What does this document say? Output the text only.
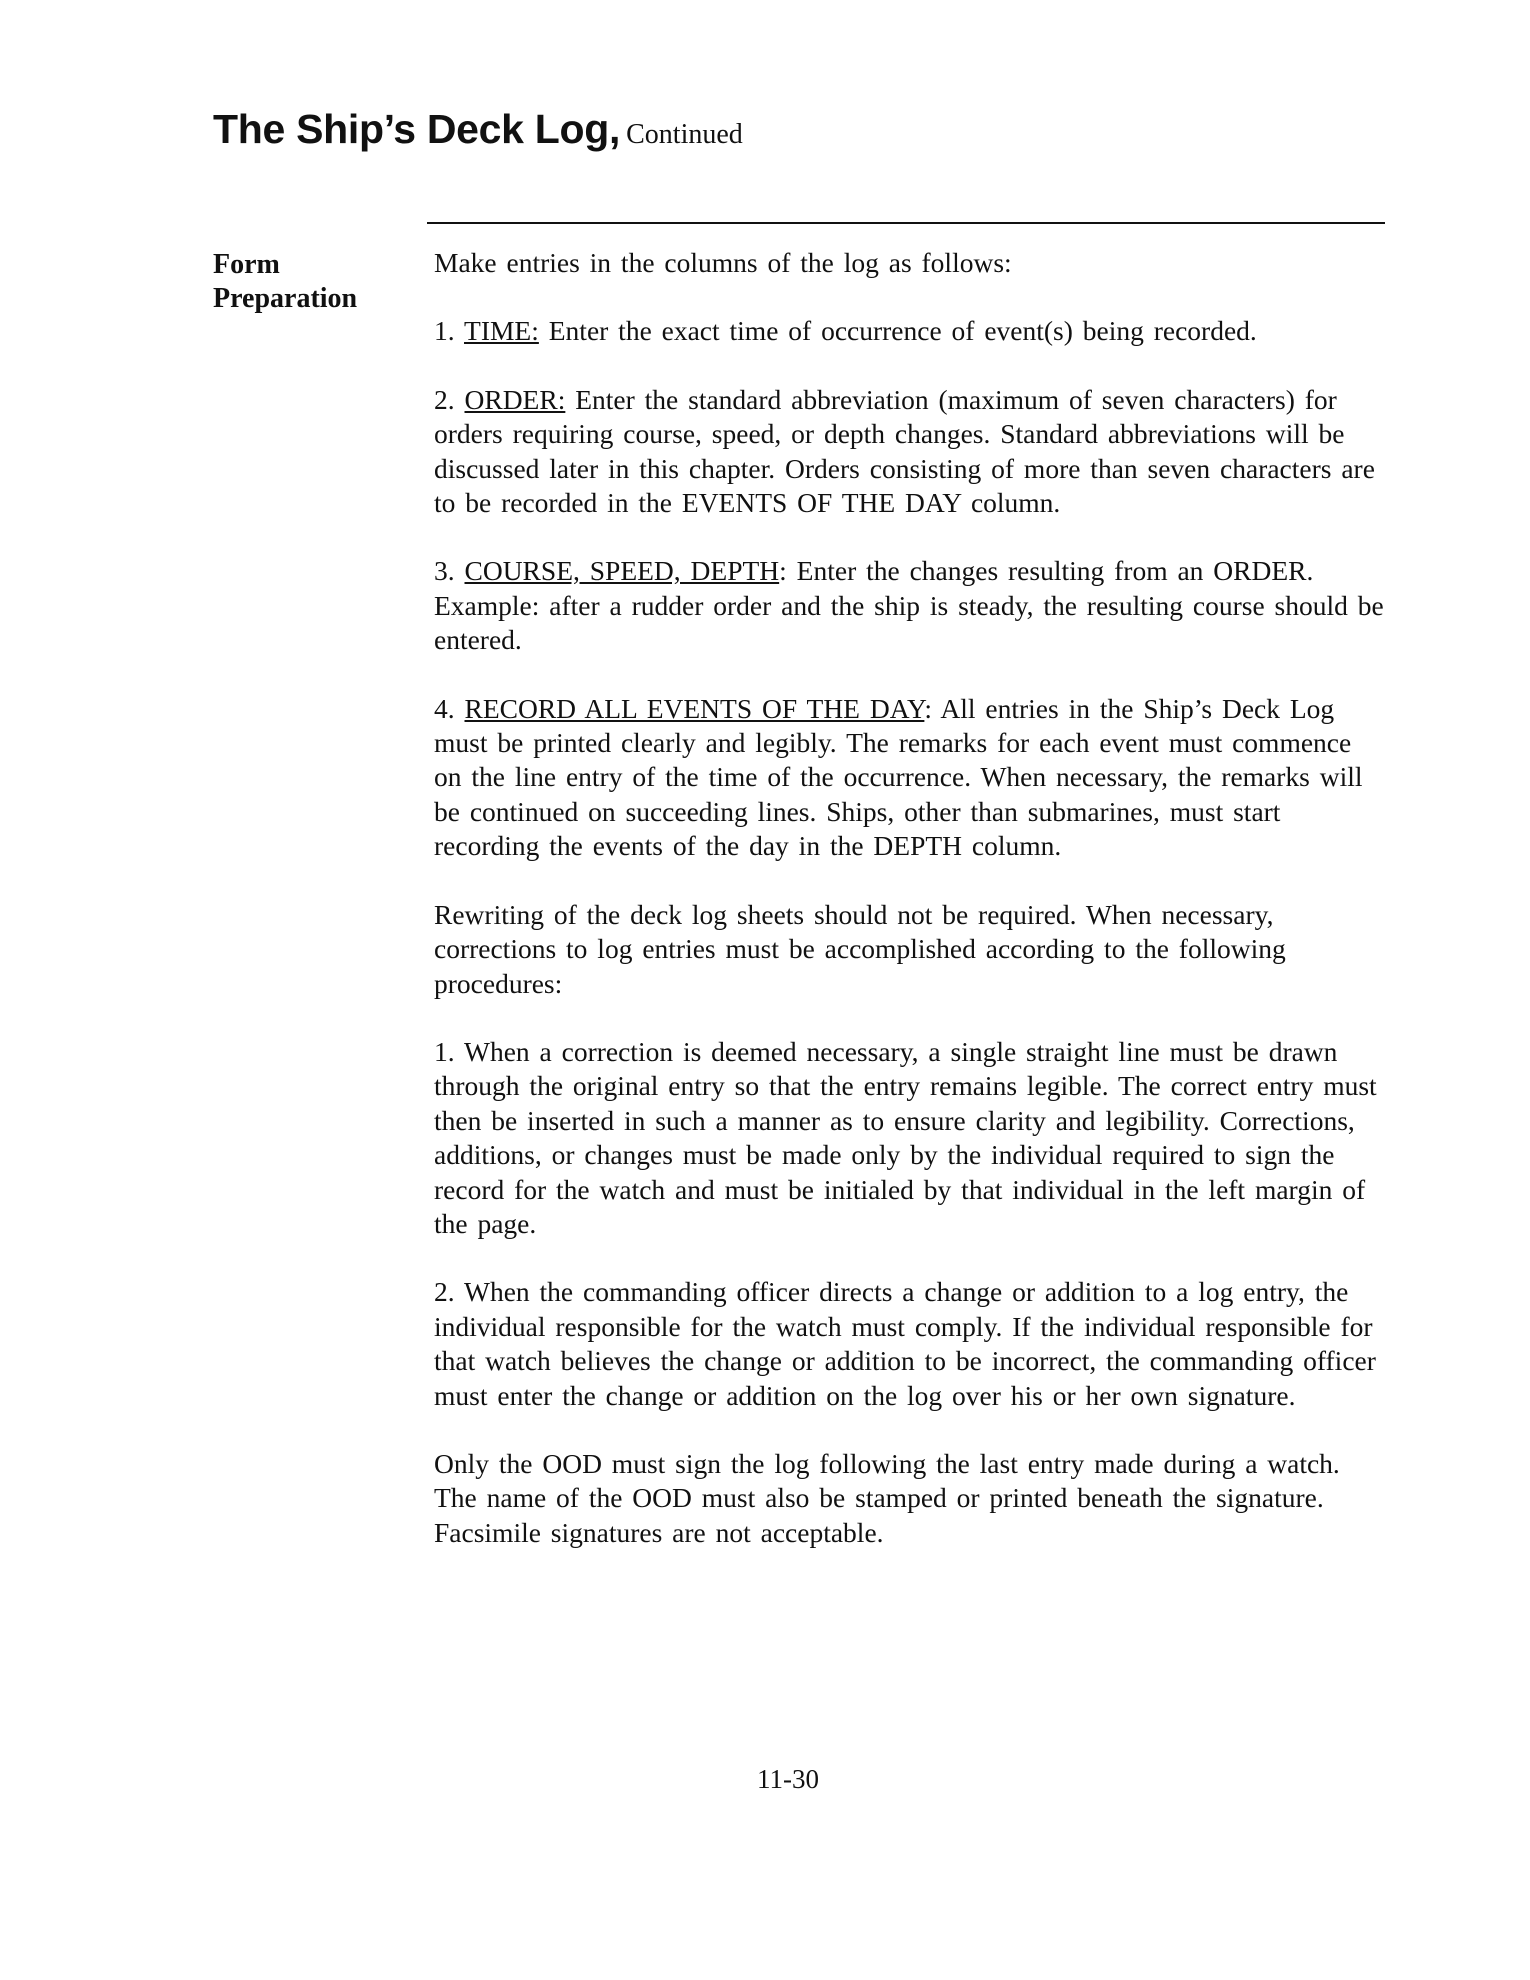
The Ship’s Deck Log, Continued
Form
Preparation

Make entries in the columns of the log as follows:

1. TIME: Enter the exact time of occurrence of event(s) being recorded.

2. ORDER: Enter the standard abbreviation (maximum of seven characters) for orders requiring course, speed, or depth changes. Standard abbreviations will be discussed later in this chapter. Orders consisting of more than seven characters are to be recorded in the EVENTS OF THE DAY column.

3. COURSE, SPEED, DEPTH: Enter the changes resulting from an ORDER. Example: after a rudder order and the ship is steady, the resulting course should be entered.

4. RECORD ALL EVENTS OF THE DAY: All entries in the Ship’s Deck Log must be printed clearly and legibly. The remarks for each event must commence on the line entry of the time of the occurrence. When necessary, the remarks will be continued on succeeding lines. Ships, other than submarines, must start recording the events of the day in the DEPTH column.

Rewriting of the deck log sheets should not be required. When necessary, corrections to log entries must be accomplished according to the following procedures:

1. When a correction is deemed necessary, a single straight line must be drawn through the original entry so that the entry remains legible. The correct entry must then be inserted in such a manner as to ensure clarity and legibility. Corrections, additions, or changes must be made only by the individual required to sign the record for the watch and must be initialed by that individual in the left margin of the page.

2. When the commanding officer directs a change or addition to a log entry, the individual responsible for the watch must comply. If the individual responsible for that watch believes the change or addition to be incorrect, the commanding officer must enter the change or addition on the log over his or her own signature.

Only the OOD must sign the log following the last entry made during a watch. The name of the OOD must also be stamped or printed beneath the signature. Facsimile signatures are not acceptable.

11-30
